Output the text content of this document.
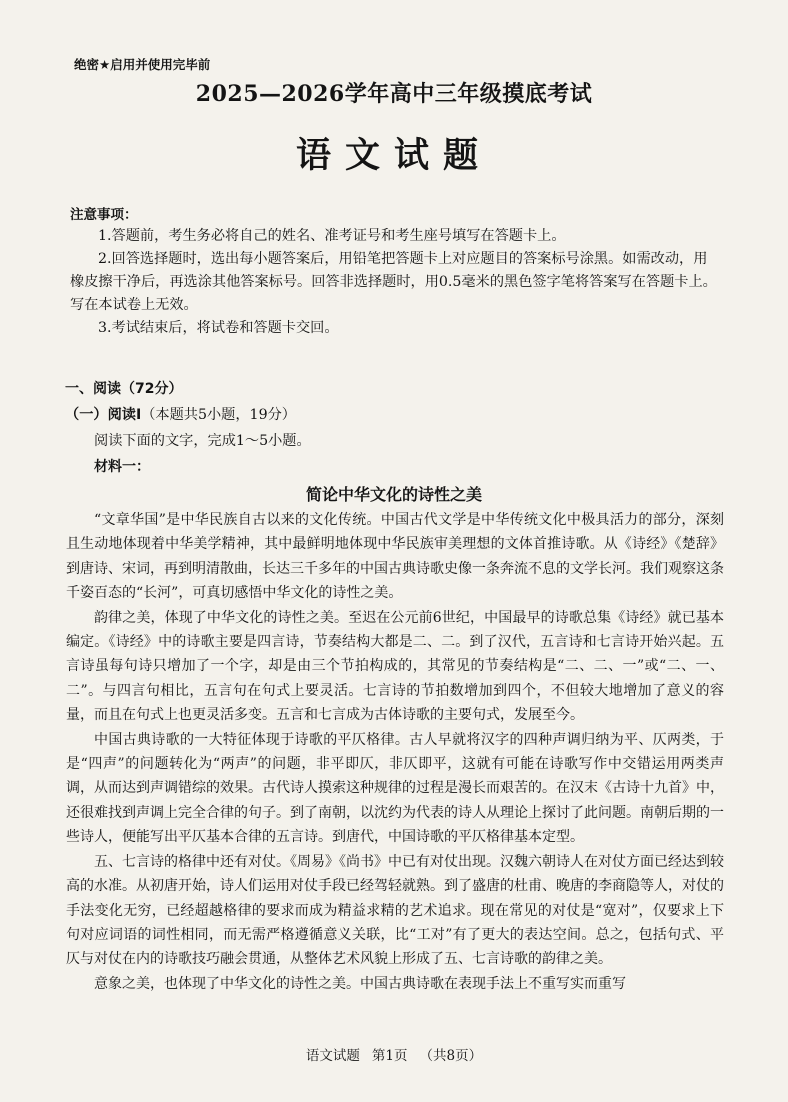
绝密★启用并使用完毕前
2025—2026学年高中三年级摸底考试
语文试题
注意事项：

1.答题前，考生务必将自己的姓名、准考证号和考生座号填写在答题卡上。

2.回答选择题时，选出每小题答案后，用铅笔把答题卡上对应题目的答案标号涂黑。如需改动，用橡皮擦干净后，再选涂其他答案标号。回答非选择题时，用0.5毫米的黑色签字笔将答案写在答题卡上。写在本试卷上无效。

3.考试结束后，将试卷和答题卡交回。

一、阅读（72分）
（一）阅读Ⅰ（本题共5小题，19分）
阅读下面的文字，完成1～5小题。
材料一：
简论中华文化的诗性之美

“文章华国”是中华民族自古以来的文化传统。中国古代文学是中华传统文化中极具活力的部分，深刻且生动地体现着中华美学精神，其中最鲜明地体现中华民族审美理想的文体首推诗歌。从《诗经》《楚辞》到唐诗、宋词，再到明清散曲，长达三千多年的中国古典诗歌史像一条奔流不息的文学长河。我们观察这条千姿百态的“长河”，可真切感悟中华文化的诗性之美。

韵律之美，体现了中华文化的诗性之美。至迟在公元前6世纪，中国最早的诗歌总集《诗经》就已基本编定。《诗经》中的诗歌主要是四言诗，节奏结构大都是二、二。到了汉代，五言诗和七言诗开始兴起。五言诗虽每句诗只增加了一个字，却是由三个节拍构成的，其常见的节奏结构是“二、二、一”或“二、一、二”。与四言句相比，五言句在句式上要灵活。七言诗的节拍数增加到四个，不但较大地增加了意义的容量，而且在句式上也更灵活多变。五言和七言成为古体诗歌的主要句式，发展至今。

中国古典诗歌的一大特征体现于诗歌的平仄格律。古人早就将汉字的四种声调归纳为平、仄两类，于是“四声”的问题转化为“两声”的问题，非平即仄，非仄即平，这就有可能在诗歌写作中交错运用两类声调，从而达到声调错综的效果。古代诗人摸索这种规律的过程是漫长而艰苦的。在汉末《古诗十九首》中，还很难找到声调上完全合律的句子。到了南朝，以沈约为代表的诗人从理论上探讨了此问题。南朝后期的一些诗人，便能写出平仄基本合律的五言诗。到唐代，中国诗歌的平仄格律基本定型。

五、七言诗的格律中还有对仗。《周易》《尚书》中已有对仗出现。汉魏六朝诗人在对仗方面已经达到较高的水准。从初唐开始，诗人们运用对仗手段已经驾轻就熟。到了盛唐的杜甫、晚唐的李商隐等人，对仗的手法变化无穷，已经超越格律的要求而成为精益求精的艺术追求。现在常见的对仗是“宽对”，仅要求上下句对应词语的词性相同，而无需严格遵循意义关联，比“工对”有了更大的表达空间。总之，包括句式、平仄与对仗在内的诗歌技巧融会贯通，从整体艺术风貌上形成了五、七言诗歌的韵律之美。

意象之美，也体现了中华文化的诗性之美。中国古典诗歌在表现手法上不重写实而重写

语文试题 第1页 （共8页）
